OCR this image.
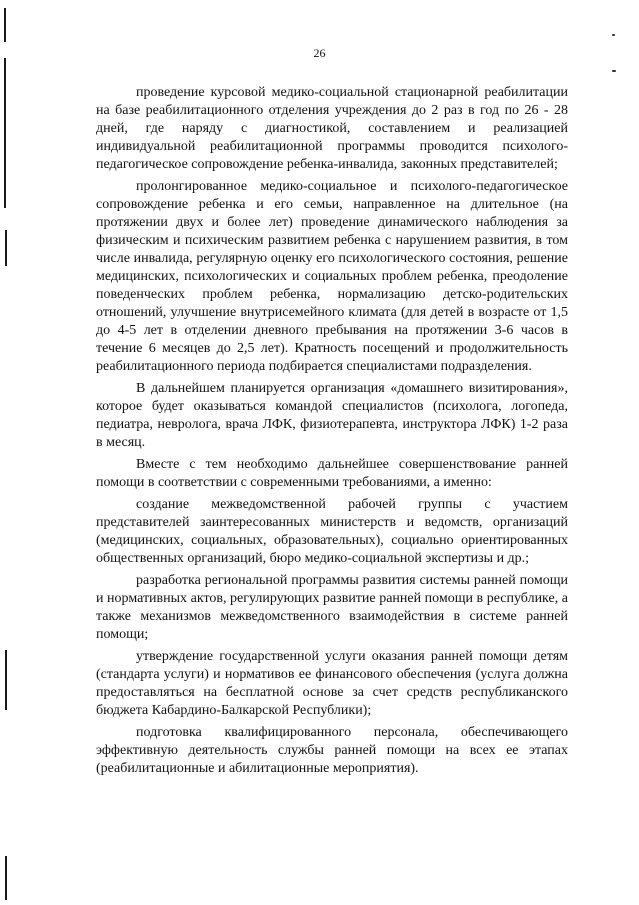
26

проведение курсовой медико-социальной стационарной реабилитации на базе реабилитационного отделения учреждения до 2 раз в год по 26 - 28 дней, где наряду с диагностикой, составлением и реализацией индивидуальной реабилитационной программы проводится психолого-педагогическое сопровождение ребенка-инвалида, законных представителей;

пролонгированное медико-социальное и психолого-педагогическое сопровождение ребенка и его семьи, направленное на длительное (на протяжении двух и более лет) проведение динамического наблюдения за физическим и психическим развитием ребенка с нарушением развития, в том числе инвалида, регулярную оценку его психологического состояния, решение медицинских, психологических и социальных проблем ребенка, преодоление поведенческих проблем ребенка, нормализацию детско-родительских отношений, улучшение внутрисемейного климата (для детей в возрасте от 1,5 до 4-5 лет в отделении дневного пребывания на протяжении 3-6 часов в течение 6 месяцев до 2,5 лет). Кратность посещений и продолжительность реабилитационного периода подбирается специалистами подразделения.

В дальнейшем планируется организация «домашнего визитирования», которое будет оказываться командой специалистов (психолога, логопеда, педиатра, невролога, врача ЛФК, физиотерапевта, инструктора ЛФК) 1-2 раза в месяц.

Вместе с тем необходимо дальнейшее совершенствование ранней помощи в соответствии с современными требованиями, а именно:

создание межведомственной рабочей группы с участием представителей заинтересованных министерств и ведомств, организаций (медицинских, социальных, образовательных), социально ориентированных общественных организаций, бюро медико-социальной экспертизы и др.;

разработка региональной программы развития системы ранней помощи и нормативных актов, регулирующих развитие ранней помощи в республике, а также механизмов межведомственного взаимодействия в системе ранней помощи;

утверждение государственной услуги оказания ранней помощи детям (стандарта услуги) и нормативов ее финансового обеспечения (услуга должна предоставляться на бесплатной основе за счет средств республиканского бюджета Кабардино-Балкарской Республики);

подготовка квалифицированного персонала, обеспечивающего эффективную деятельность службы ранней помощи на всех ее этапах (реабилитационные и абилитационные мероприятия).
